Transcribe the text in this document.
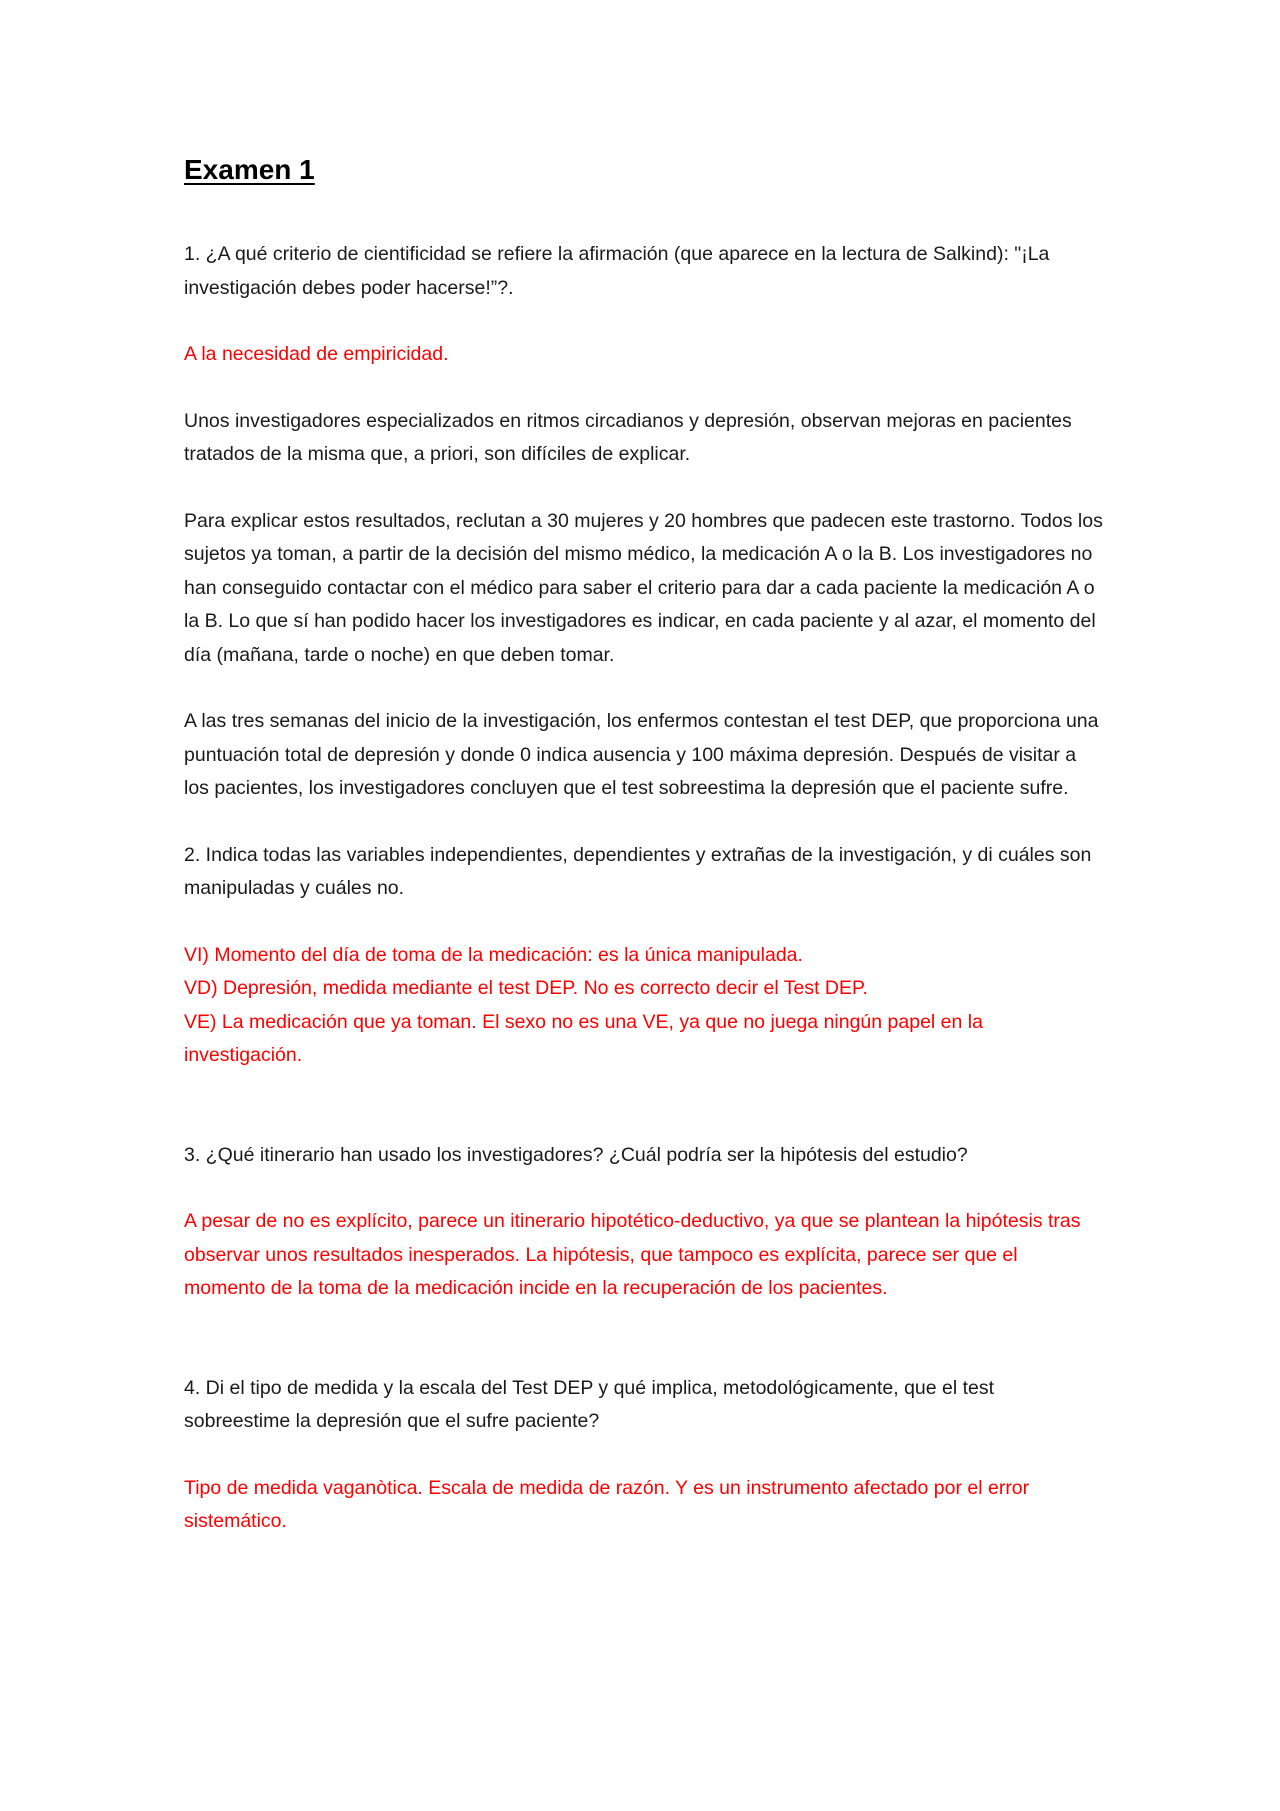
Examen 1
1. ¿A qué criterio de cientificidad se refiere la afirmación (que aparece en la lectura de Salkind): "¡La investigación debes poder hacerse!”?.
A la necesidad de empiricidad.
Unos investigadores especializados en ritmos circadianos y depresión, observan mejoras en pacientes tratados de la misma que, a priori, son difíciles de explicar.
Para explicar estos resultados, reclutan a 30 mujeres y 20 hombres que padecen este trastorno. Todos los sujetos ya toman, a partir de la decisión del mismo médico, la medicación A o la B. Los investigadores no han conseguido contactar con el médico para saber el criterio para dar a cada paciente la medicación A o la B. Lo que sí han podido hacer los investigadores es indicar, en cada paciente y al azar, el momento del día (mañana, tarde o noche) en que deben tomar.
A las tres semanas del inicio de la investigación, los enfermos contestan el test DEP, que proporciona una puntuación total de depresión y donde 0 indica ausencia y 100 máxima depresión. Después de visitar a los pacientes, los investigadores concluyen que el test sobreestima la depresión que el paciente sufre.
2. Indica todas las variables independientes, dependientes y extrañas de la investigación, y di cuáles son manipuladas y cuáles no.
VI) Momento del día de toma de la medicación: es la única manipulada.
VD) Depresión, medida mediante el test DEP. No es correcto decir el Test DEP.
VE) La medicación que ya toman. El sexo no es una VE, ya que no juega ningún papel en la investigación.
3. ¿Qué itinerario han usado los investigadores? ¿Cuál podría ser la hipótesis del estudio?
A pesar de no es explícito, parece un itinerario hipotético-deductivo, ya que se plantean la hipótesis tras observar unos resultados inesperados. La hipótesis, que tampoco es explícita, parece ser que el momento de la toma de la medicación incide en la recuperación de los pacientes.
4. Di el tipo de medida y la escala del Test DEP y qué implica, metodológicamente, que el test sobreestime la depresión que el sufre paciente?
Tipo de medida vaganòtica. Escala de medida de razón. Y es un instrumento afectado por el error sistemático.
